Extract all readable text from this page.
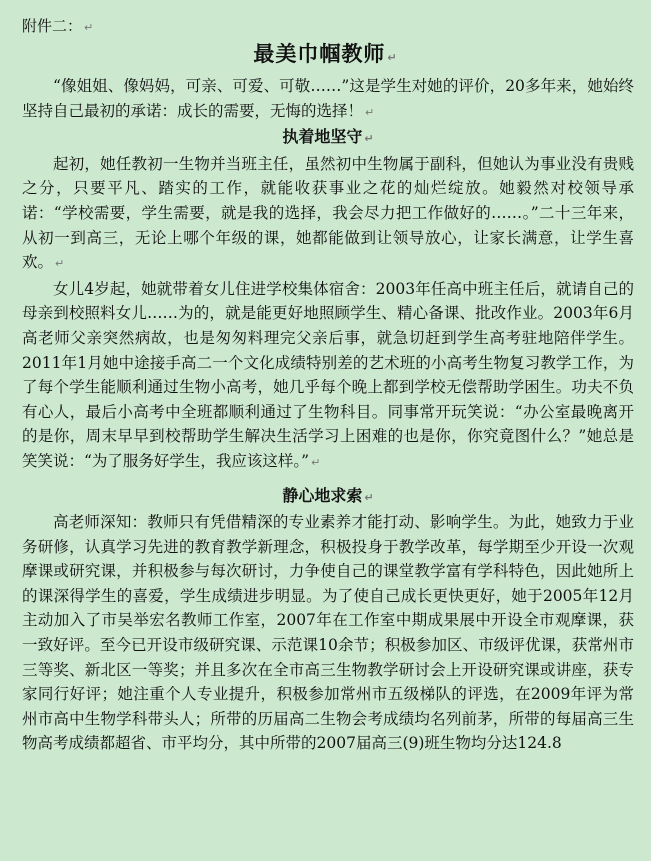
附件二： ↵
最美巾帼教师 ↵

“像姐姐、像妈妈，可亲、可爱、可敬……”这是学生对她的评价，20多年来，她始终坚持自己最初的承诺：成长的需要，无悔的选择！ ↵

执着地坚守 ↵

起初，她任教初一生物并当班主任，虽然初中生物属于副科，但她认为事业没有贵贱之分，只要平凡、踏实的工作，就能收获事业之花的灿烂绽放。她毅然对校领导承诺：“学校需要，学生需要，就是我的选择，我会尽力把工作做好的……。”二十三年来，从初一到高三，无论上哪个年级的课，她都能做到让领导放心，让家长满意，让学生喜欢。 ↵

女儿4岁起，她就带着女儿住进学校集体宿舍：2003年任高中班主任后，就请自己的母亲到校照料女儿……为的，就是能更好地照顾学生、精心备课、批改作业。2003年6月高老师父亲突然病故，也是匆匆料理完父亲后事，就急切赶到学生高考驻地陪伴学生。2011年1月她中途接手高二一个文化成绩特别差的艺术班的小高考生物复习教学工作，为了每个学生能顺利通过生物小高考，她几乎每个晚上都到学校无偿帮助学困生。功夫不负有心人，最后小高考中全班都顺利通过了生物科目。同事常开玩笑说：“办公室最晚离开的是你，周末早早到校帮助学生解决生活学习上困难的也是你，你究竟图什么？”她总是笑笑说：“为了服务好学生，我应该这样。” ↵

静心地求索 ↵

高老师深知：教师只有凭借精深的专业素养才能打动、影响学生。为此，她致力于业务研修，认真学习先进的教育教学新理念，积极投身于教学改革，每学期至少开设一次观摩课或研究课，并积极参与每次研讨，力争使自己的课堂教学富有学科特色，因此她所上的课深得学生的喜爱，学生成绩进步明显。为了使自己成长更快更好，她于2005年12月主动加入了市吴举宏名教师工作室，2007年在工作室中期成果展中开设全市观摩课，获一致好评。至今已开设市级研究课、示范课10余节；积极参加区、市级评优课，获常州市三等奖、新北区一等奖；并且多次在全市高三生物教学研讨会上开设研究课或讲座，获专家同行好评；她注重个人专业提升，积极参加常州市五级梯队的评选，在2009年评为常州市高中生物学科带头人；所带的历届高二生物会考成绩均名列前茅，所带的每届高三生物高考成绩都超省、市平均分，其中所带的2007届高三(9)班生物均分达124.8
